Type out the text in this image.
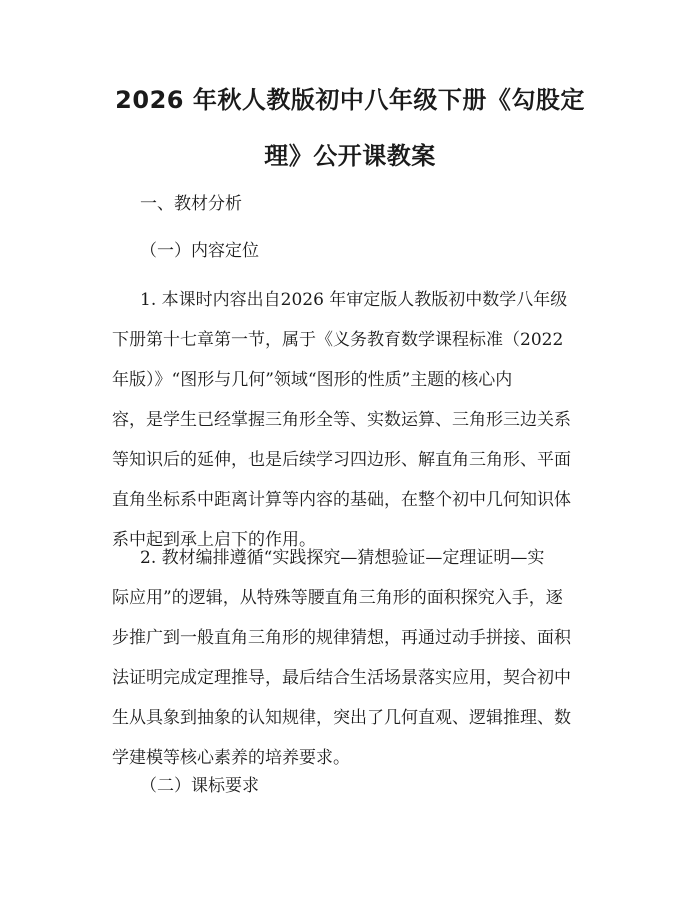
2026 年秋人教版初中八年级下册《勾股定
理》公开课教案
一、教材分析
（一）内容定位
1. 本课时内容出自2026 年审定版人教版初中数学八年级
下册第十七章第一节，属于《义务教育数学课程标准（2022
年版）》“图形与几何”领域“图形的性质”主题的核心内
容，是学生已经掌握三角形全等、实数运算、三角形三边关系
等知识后的延伸，也是后续学习四边形、解直角三角形、平面
直角坐标系中距离计算等内容的基础，在整个初中几何知识体
系中起到承上启下的作用。
2. 教材编排遵循“实践探究—猜想验证—定理证明—实
际应用”的逻辑，从特殊等腰直角三角形的面积探究入手，逐
步推广到一般直角三角形的规律猜想，再通过动手拼接、面积
法证明完成定理推导，最后结合生活场景落实应用，契合初中
生从具象到抽象的认知规律，突出了几何直观、逻辑推理、数
学建模等核心素养的培养要求。
（二）课标要求
